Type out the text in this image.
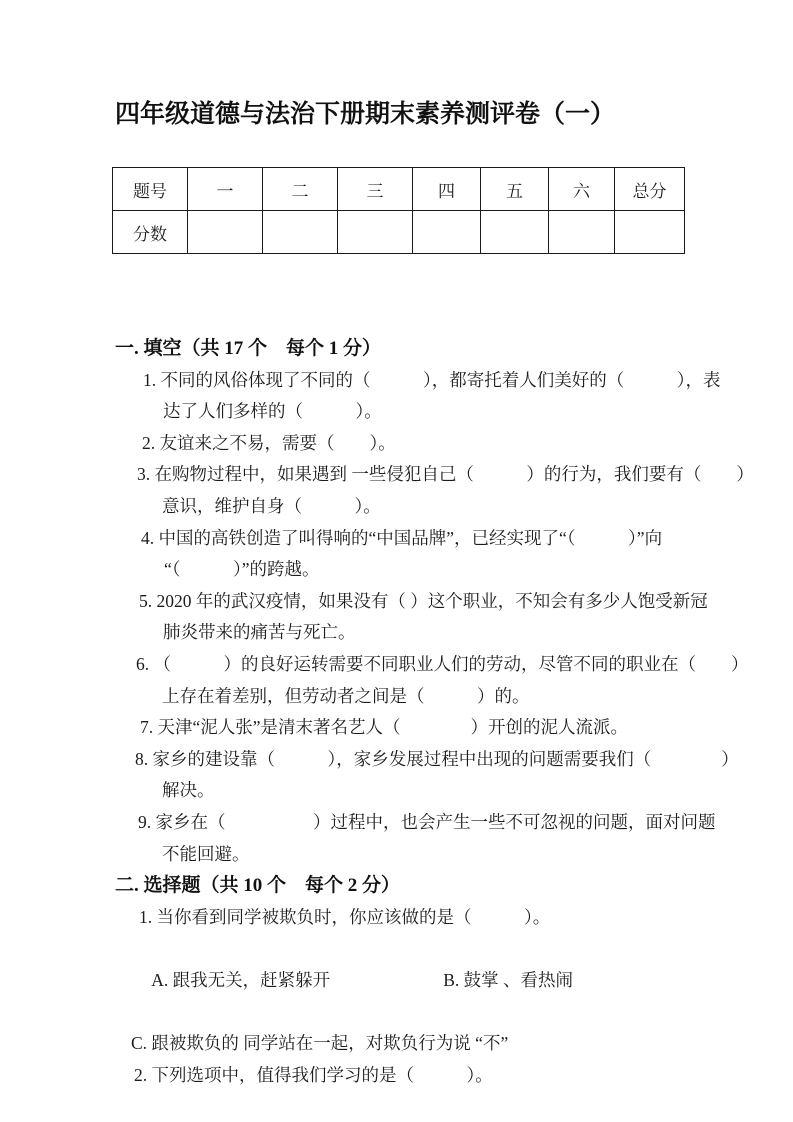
四年级道德与法治下册期末素养测评卷（一）
题号	一	二	三	四	五	六	总分
分数							
一. 填空（共 17 个　每个 1 分）
1. 不同的风俗体现了不同的（　　　），都寄托着人们美好的（　　　），表
达了人们多样的（　　　）。
2. 友谊来之不易，需要（　　）。
3. 在购物过程中，如果遇到 一些侵犯自己（　　　）的行为，我们要有（　　）
意识，维护自身（　　　）。
4. 中国的高铁创造了叫得响的“中国品牌”，已经实现了“（　　　）”向
“（　　　）”的跨越。
5. 2020 年的武汉疫情，如果没有（ ）这个职业，不知会有多少人饱受新冠
肺炎带来的痛苦与死亡。
6. （　　　）的良好运转需要不同职业人们的劳动，尽管不同的职业在（　　）
上存在着差别，但劳动者之间是（　　　）的。
7. 天津“泥人张”是清末著名艺人（　　　　）开创的泥人流派。
8. 家乡的建设靠（　　　），家乡发展过程中出现的问题需要我们（　　　　）
解决。
9. 家乡在（　　　　　）过程中，也会产生一些不可忽视的问题，面对问题
不能回避。
二. 选择题（共 10 个　每个 2 分）
1. 当你看到同学被欺负时，你应该做的是（　　　）。

A. 跟我无关，赶紧躲开	B. 鼓掌 、看热闹

C. 跟被欺负的 同学站在一起，对欺负行为说 “不”
2. 下列选项中，值得我们学习的是（　　　）。
